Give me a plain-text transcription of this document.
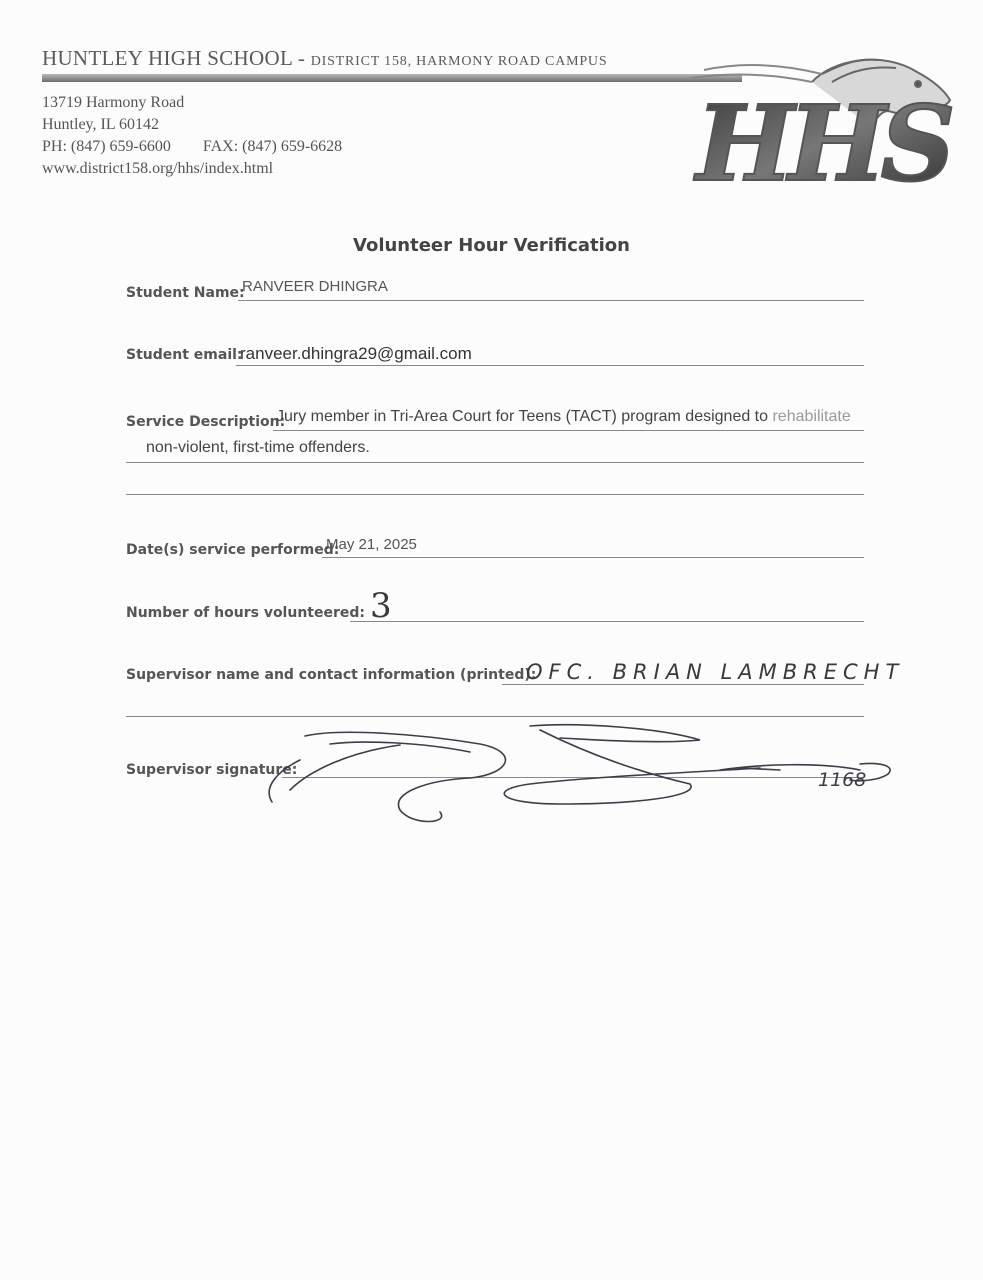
HUNTLEY HIGH SCHOOL - DISTRICT 158, HARMONY ROAD CAMPUS
13719 Harmony Road
Huntley, IL 60142
PH: (847) 659-6600 FAX: (847) 659-6628
www.district158.org/hhs/index.html	HHS
Volunteer Hour Verification
Student Name:
RANVEER DHINGRA
Student email:
ranveer.dhingra29@gmail.com
Service Description:
Jury member in Tri-Area Court for Teens (TACT) program designed to rehabilitate
non-violent, first-time offenders.
Date(s) service performed:
May 21, 2025
Number of hours volunteered: 3
Supervisor name and contact information (printed):
OFC. BRIAN LAMBRECHT
Supervisor signature:	1168
